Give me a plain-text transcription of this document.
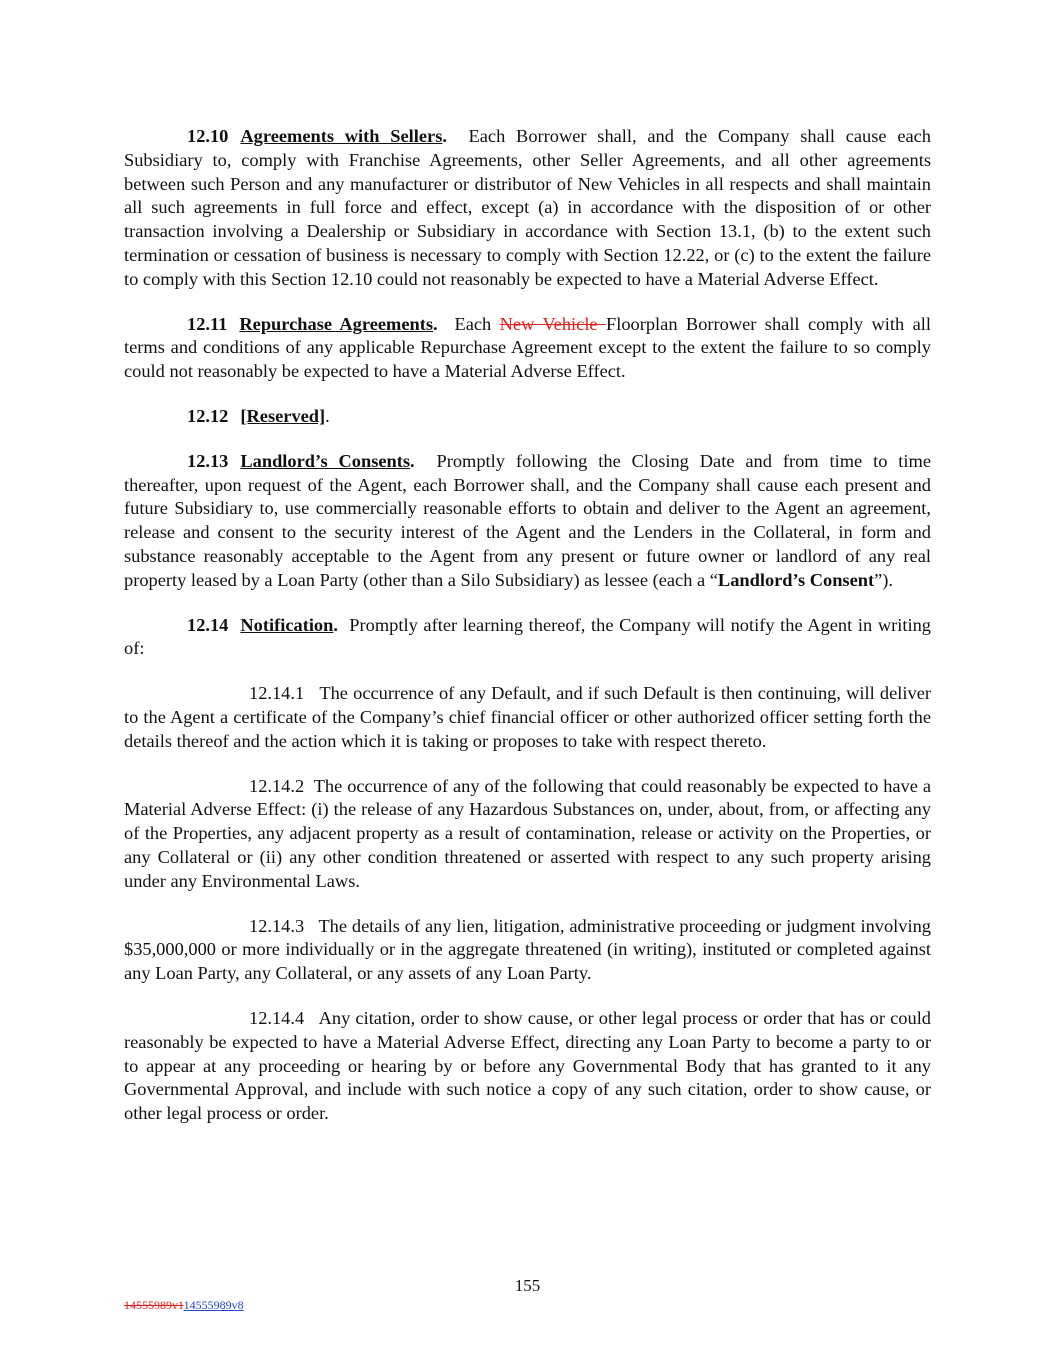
12.10 Agreements with Sellers. Each Borrower shall, and the Company shall cause each Subsidiary to, comply with Franchise Agreements, other Seller Agreements, and all other agreements between such Person and any manufacturer or distributor of New Vehicles in all respects and shall maintain all such agreements in full force and effect, except (a) in accordance with the disposition of or other transaction involving a Dealership or Subsidiary in accordance with Section 13.1, (b) to the extent such termination or cessation of business is necessary to comply with Section 12.22, or (c) to the extent the failure to comply with this Section 12.10 could not reasonably be expected to have a Material Adverse Effect.

12.11 Repurchase Agreements. Each New Vehicle Floorplan Borrower shall comply with all terms and conditions of any applicable Repurchase Agreement except to the extent the failure to so comply could not reasonably be expected to have a Material Adverse Effect.

12.12 [Reserved].

12.13 Landlord’s Consents. Promptly following the Closing Date and from time to time thereafter, upon request of the Agent, each Borrower shall, and the Company shall cause each present and future Subsidiary to, use commercially reasonable efforts to obtain and deliver to the Agent an agreement, release and consent to the security interest of the Agent and the Lenders in the Collateral, in form and substance reasonably acceptable to the Agent from any present or future owner or landlord of any real property leased by a Loan Party (other than a Silo Subsidiary) as lessee (each a “Landlord’s Consent”).

12.14 Notification. Promptly after learning thereof, the Company will notify the Agent in writing of:

12.14.1 The occurrence of any Default, and if such Default is then continuing, will deliver to the Agent a certificate of the Company’s chief financial officer or other authorized officer setting forth the details thereof and the action which it is taking or proposes to take with respect thereto.

12.14.2 The occurrence of any of the following that could reasonably be expected to have a Material Adverse Effect: (i) the release of any Hazardous Substances on, under, about, from, or affecting any of the Properties, any adjacent property as a result of contamination, release or activity on the Properties, or any Collateral or (ii) any other condition threatened or asserted with respect to any such property arising under any Environmental Laws.

12.14.3 The details of any lien, litigation, administrative proceeding or judgment involving $35,000,000 or more individually or in the aggregate threatened (in writing), instituted or completed against any Loan Party, any Collateral, or any assets of any Loan Party.

12.14.4 Any citation, order to show cause, or other legal process or order that has or could reasonably be expected to have a Material Adverse Effect, directing any Loan Party to become a party to or to appear at any proceeding or hearing by or before any Governmental Body that has granted to it any Governmental Approval, and include with such notice a copy of any such citation, order to show cause, or other legal process or order.

155
14555989v114555989v8
